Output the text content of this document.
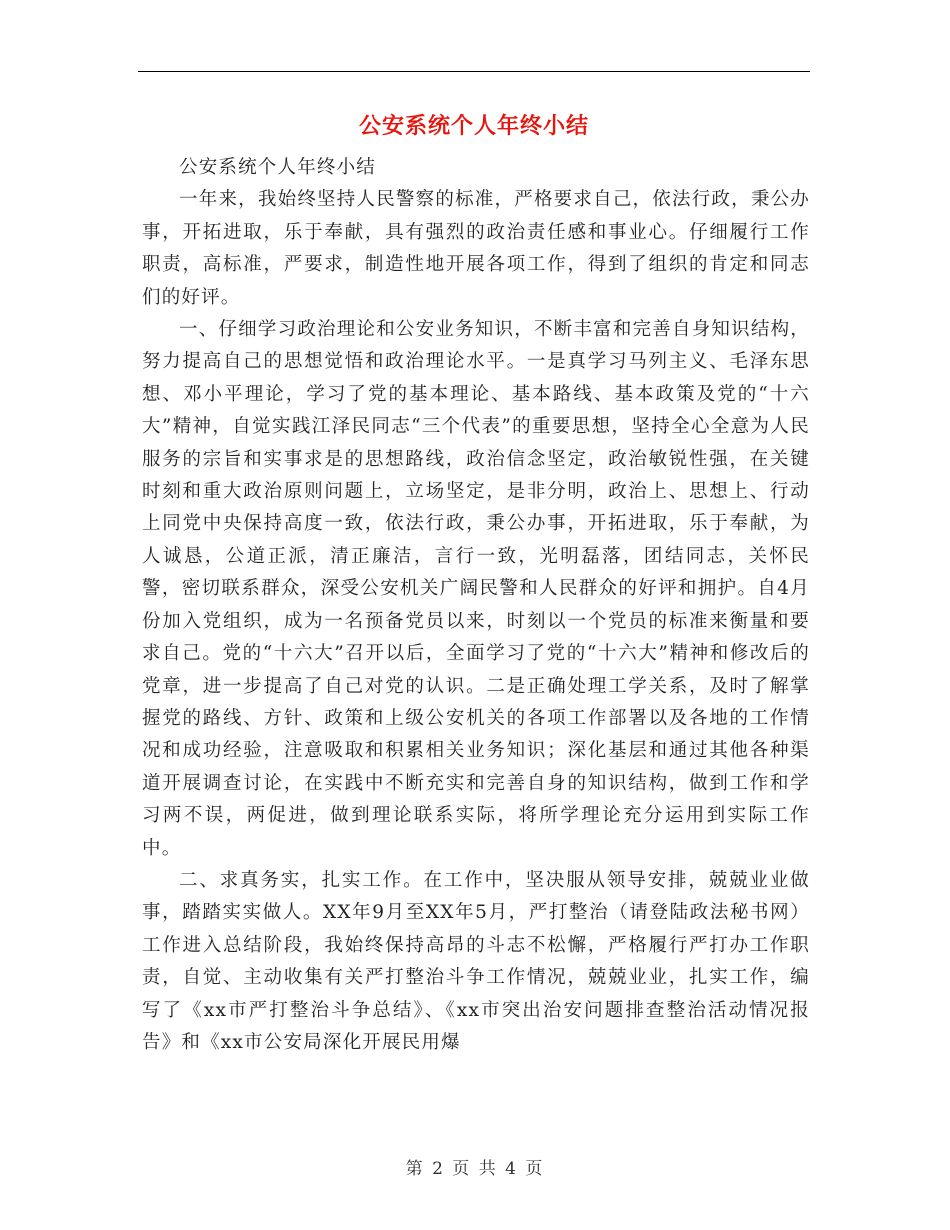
公安系统个人年终小结

公安系统个人年终小结

一年来，我始终坚持人民警察的标准，严格要求自己，依法行政，秉公办事，开拓进取，乐于奉献，具有强烈的政治责任感和事业心。仔细履行工作职责，高标准，严要求，制造性地开展各项工作，得到了组织的肯定和同志们的好评。

一、仔细学习政治理论和公安业务知识，不断丰富和完善自身知识结构，努力提高自己的思想觉悟和政治理论水平。一是真学习马列主义、毛泽东思想、邓小平理论，学习了党的基本理论、基本路线、基本政策及党的“十六大”精神，自觉实践江泽民同志“三个代表”的重要思想，坚持全心全意为人民服务的宗旨和实事求是的思想路线，政治信念坚定，政治敏锐性强，在关键时刻和重大政治原则问题上，立场坚定，是非分明，政治上、思想上、行动上同党中央保持高度一致，依法行政，秉公办事，开拓进取，乐于奉献，为人诚恳，公道正派，清正廉洁，言行一致，光明磊落，团结同志，关怀民警，密切联系群众，深受公安机关广阔民警和人民群众的好评和拥护。自4月份加入党组织，成为一名预备党员以来，时刻以一个党员的标准来衡量和要求自己。党的“十六大”召开以后，全面学习了党的“十六大”精神和修改后的党章，进一步提高了自己对党的认识。二是正确处理工学关系，及时了解掌握党的路线、方针、政策和上级公安机关的各项工作部署以及各地的工作情况和成功经验，注意吸取和积累相关业务知识；深化基层和通过其他各种渠道开展调查讨论，在实践中不断充实和完善自身的知识结构，做到工作和学习两不误，两促进，做到理论联系实际，将所学理论充分运用到实际工作中。

二、求真务实，扎实工作。在工作中，坚决服从领导安排，兢兢业业做事，踏踏实实做人。XX年9月至XX年5月，严打整治（请登陆政法秘书网）工作进入总结阶段，我始终保持高昂的斗志不松懈，严格履行严打办工作职责，自觉、主动收集有关严打整治斗争工作情况，兢兢业业，扎实工作，编写了《xx市严打整治斗争总结》、《xx市突出治安问题排查整治活动情况报告》和《xx市公安局深化开展民用爆

第 2 页 共 4 页
